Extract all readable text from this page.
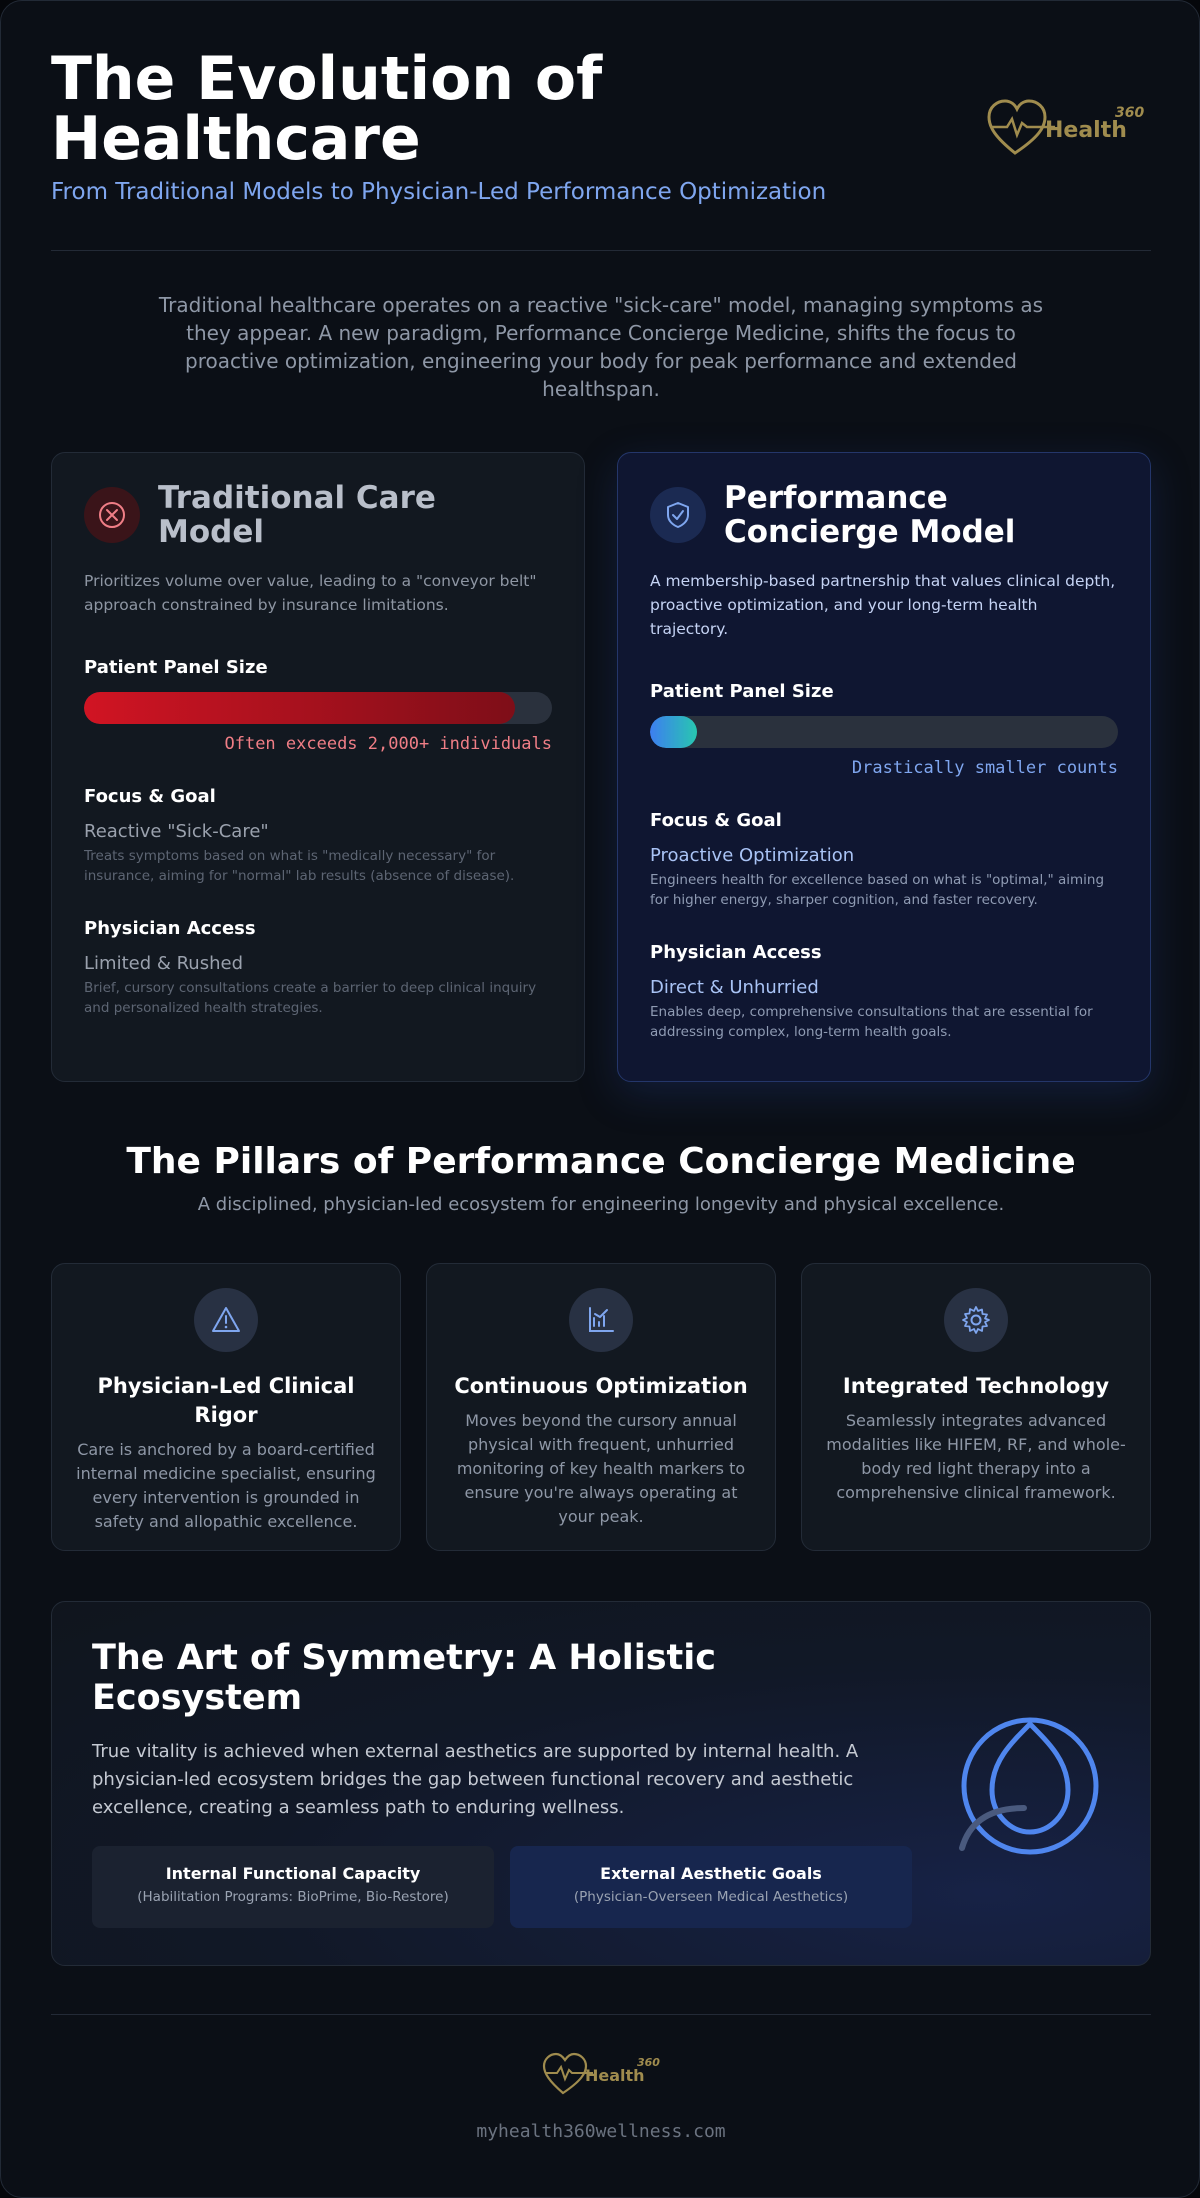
The Evolution of Healthcare
From Traditional Models to Physician-Led Performance Optimization
Health
360

Traditional healthcare operates on a reactive "sick-care" model, managing symptoms as they appear. A new paradigm, Performance Concierge Medicine, shifts the focus to proactive optimization, engineering your body for peak performance and extended healthspan.

Traditional Care Model

Prioritizes volume over value, leading to a "conveyor belt" approach constrained by insurance limitations.

Patient Panel Size
Often exceeds 2,000+ individuals
Focus & Goal
Reactive "Sick-Care"
Treats symptoms based on what is "medically necessary" for insurance, aiming for "normal" lab results (absence of disease).
Physician Access
Limited & Rushed
Brief, cursory consultations create a barrier to deep clinical inquiry and personalized health strategies.
Performance Concierge Model

A membership-based partnership that values clinical depth, proactive optimization, and your long-term health trajectory.

Patient Panel Size
Drastically smaller counts
Focus & Goal
Proactive Optimization
Engineers health for excellence based on what is "optimal," aiming for higher energy, sharper cognition, and faster recovery.
Physician Access
Direct & Unhurried
Enables deep, comprehensive consultations that are essential for addressing complex, long-term health goals.
The Pillars of Performance Concierge Medicine

A disciplined, physician-led ecosystem for engineering longevity and physical excellence.

Physician-Led Clinical Rigor
Care is anchored by a board-certified internal medicine specialist, ensuring every intervention is grounded in safety and allopathic excellence.
Continuous Optimization
Moves beyond the cursory annual physical with frequent, unhurried monitoring of key health markers to ensure you're always operating at your peak.
Integrated Technology
Seamlessly integrates advanced modalities like HIFEM, RF, and whole-body red light therapy into a comprehensive clinical framework.
The Art of Symmetry: A Holistic Ecosystem

True vitality is achieved when external aesthetics are supported by internal health. A physician-led ecosystem bridges the gap between functional recovery and aesthetic excellence, creating a seamless path to enduring wellness.

Internal Functional Capacity
(Habilitation Programs: BioPrime, Bio-Restore)
External Aesthetic Goals
(Physician-Overseen Medical Aesthetics)
Health
360
myhealth360wellness.com
